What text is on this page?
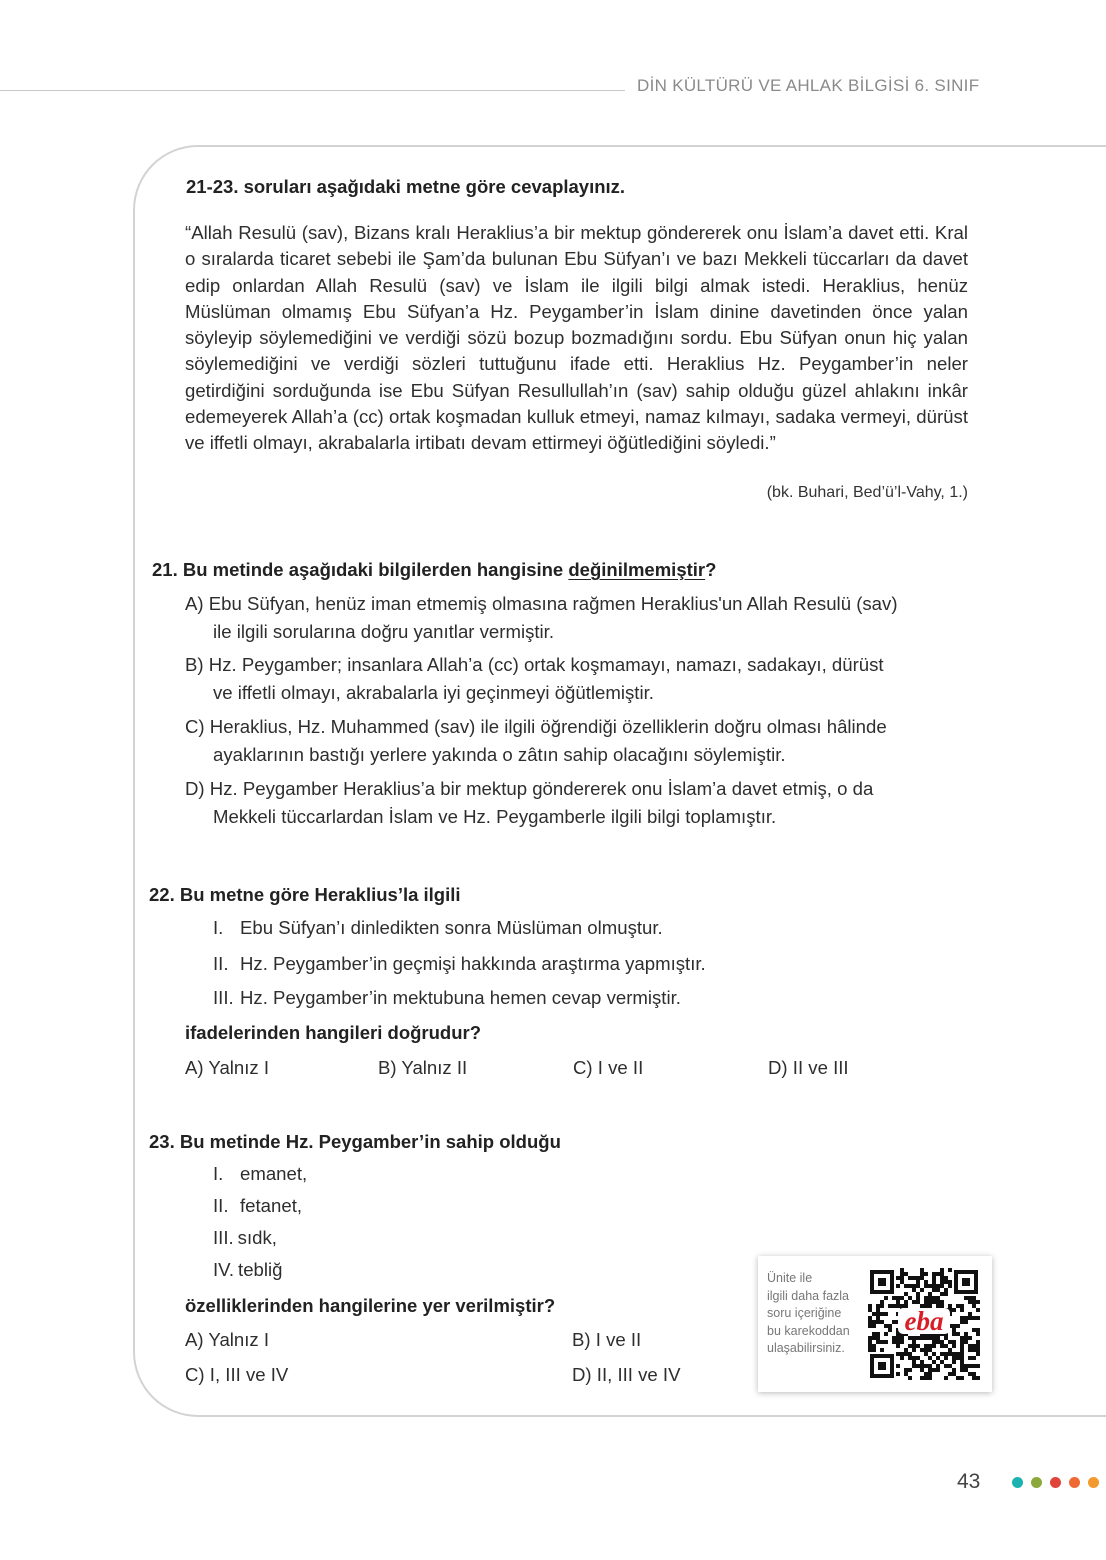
DİN KÜLTÜRÜ VE AHLAK BİLGİSİ 6. SINIF
21-23. soruları aşağıdaki metne göre cevaplayınız.
“Allah Resulü (sav), Bizans kralı Heraklius’a bir mektup göndererek onu İslam’a davet etti. Kral o sıralarda ticaret sebebi ile Şam’da bulunan Ebu Süfyan’ı ve bazı Mekkeli tüccarları da davet edip onlardan Allah Resulü (sav) ve İslam ile ilgili bilgi almak istedi. Heraklius, henüz Müslüman olmamış Ebu Süfyan’a Hz. Peygamber’in İslam dinine davetinden önce yalan söyleyip söylemediğini ve verdiği sözü bozup bozmadığını sordu. Ebu Süfyan onun hiç yalan söylemediğini ve verdiği sözleri tuttuğunu ifade etti. Heraklius Hz. Peygamber’in neler getirdiğini sorduğunda ise Ebu Süfyan Resullullah’ın (sav) sahip olduğu güzel ahlakını inkâr edemeyerek Allah’a (cc) ortak koşmadan kulluk etmeyi, namaz kılmayı, sadaka vermeyi, dürüst ve iffetli olmayı, akrabalarla irtibatı devam ettirmeyi öğütlediğini söyledi.”
(bk. Buhari, Bed’ü’l-Vahy, 1.)
21. Bu metinde aşağıdaki bilgilerden hangisine değinilmemiştir?
A) Ebu Süfyan, henüz iman etmemiş olmasına rağmen Heraklius'un Allah Resulü (sav)
ile ilgili sorularına doğru yanıtlar vermiştir.
B) Hz. Peygamber; insanlara Allah’a (cc) ortak koşmamayı, namazı, sadakayı, dürüst
ve iffetli olmayı, akrabalarla iyi geçinmeyi öğütlemiştir.
C) Heraklius, Hz. Muhammed (sav) ile ilgili öğrendiği özelliklerin doğru olması hâlinde
ayaklarının bastığı yerlere yakında o zâtın sahip olacağını söylemiştir.
D) Hz. Peygamber Heraklius’a bir mektup göndererek onu İslam’a davet etmiş, o da
Mekkeli tüccarlardan İslam ve Hz. Peygamberle ilgili bilgi toplamıştır.
22. Bu metne göre Heraklius’la ilgili
I. Ebu Süfyan’ı dinledikten sonra Müslüman olmuştur.
II. Hz. Peygamber’in geçmişi hakkında araştırma yapmıştır.
III. Hz. Peygamber’in mektubuna hemen cevap vermiştir.
ifadelerinden hangileri doğrudur?
A) Yalnız I	B) Yalnız II	C) I ve II	D) II ve III
23. Bu metinde Hz. Peygamber’in sahip olduğu
I. emanet,
II. fetanet,
III. sıdk,
IV. tebliğ
özelliklerinden hangilerine yer verilmiştir?
A) Yalnız I	B) I ve II
C) I, III ve IV	D) II, III ve IV
Ünite ile
ilgili daha fazla
soru içeriğine
bu karekoddan
ulaşabilirsiniz.
eba
43
